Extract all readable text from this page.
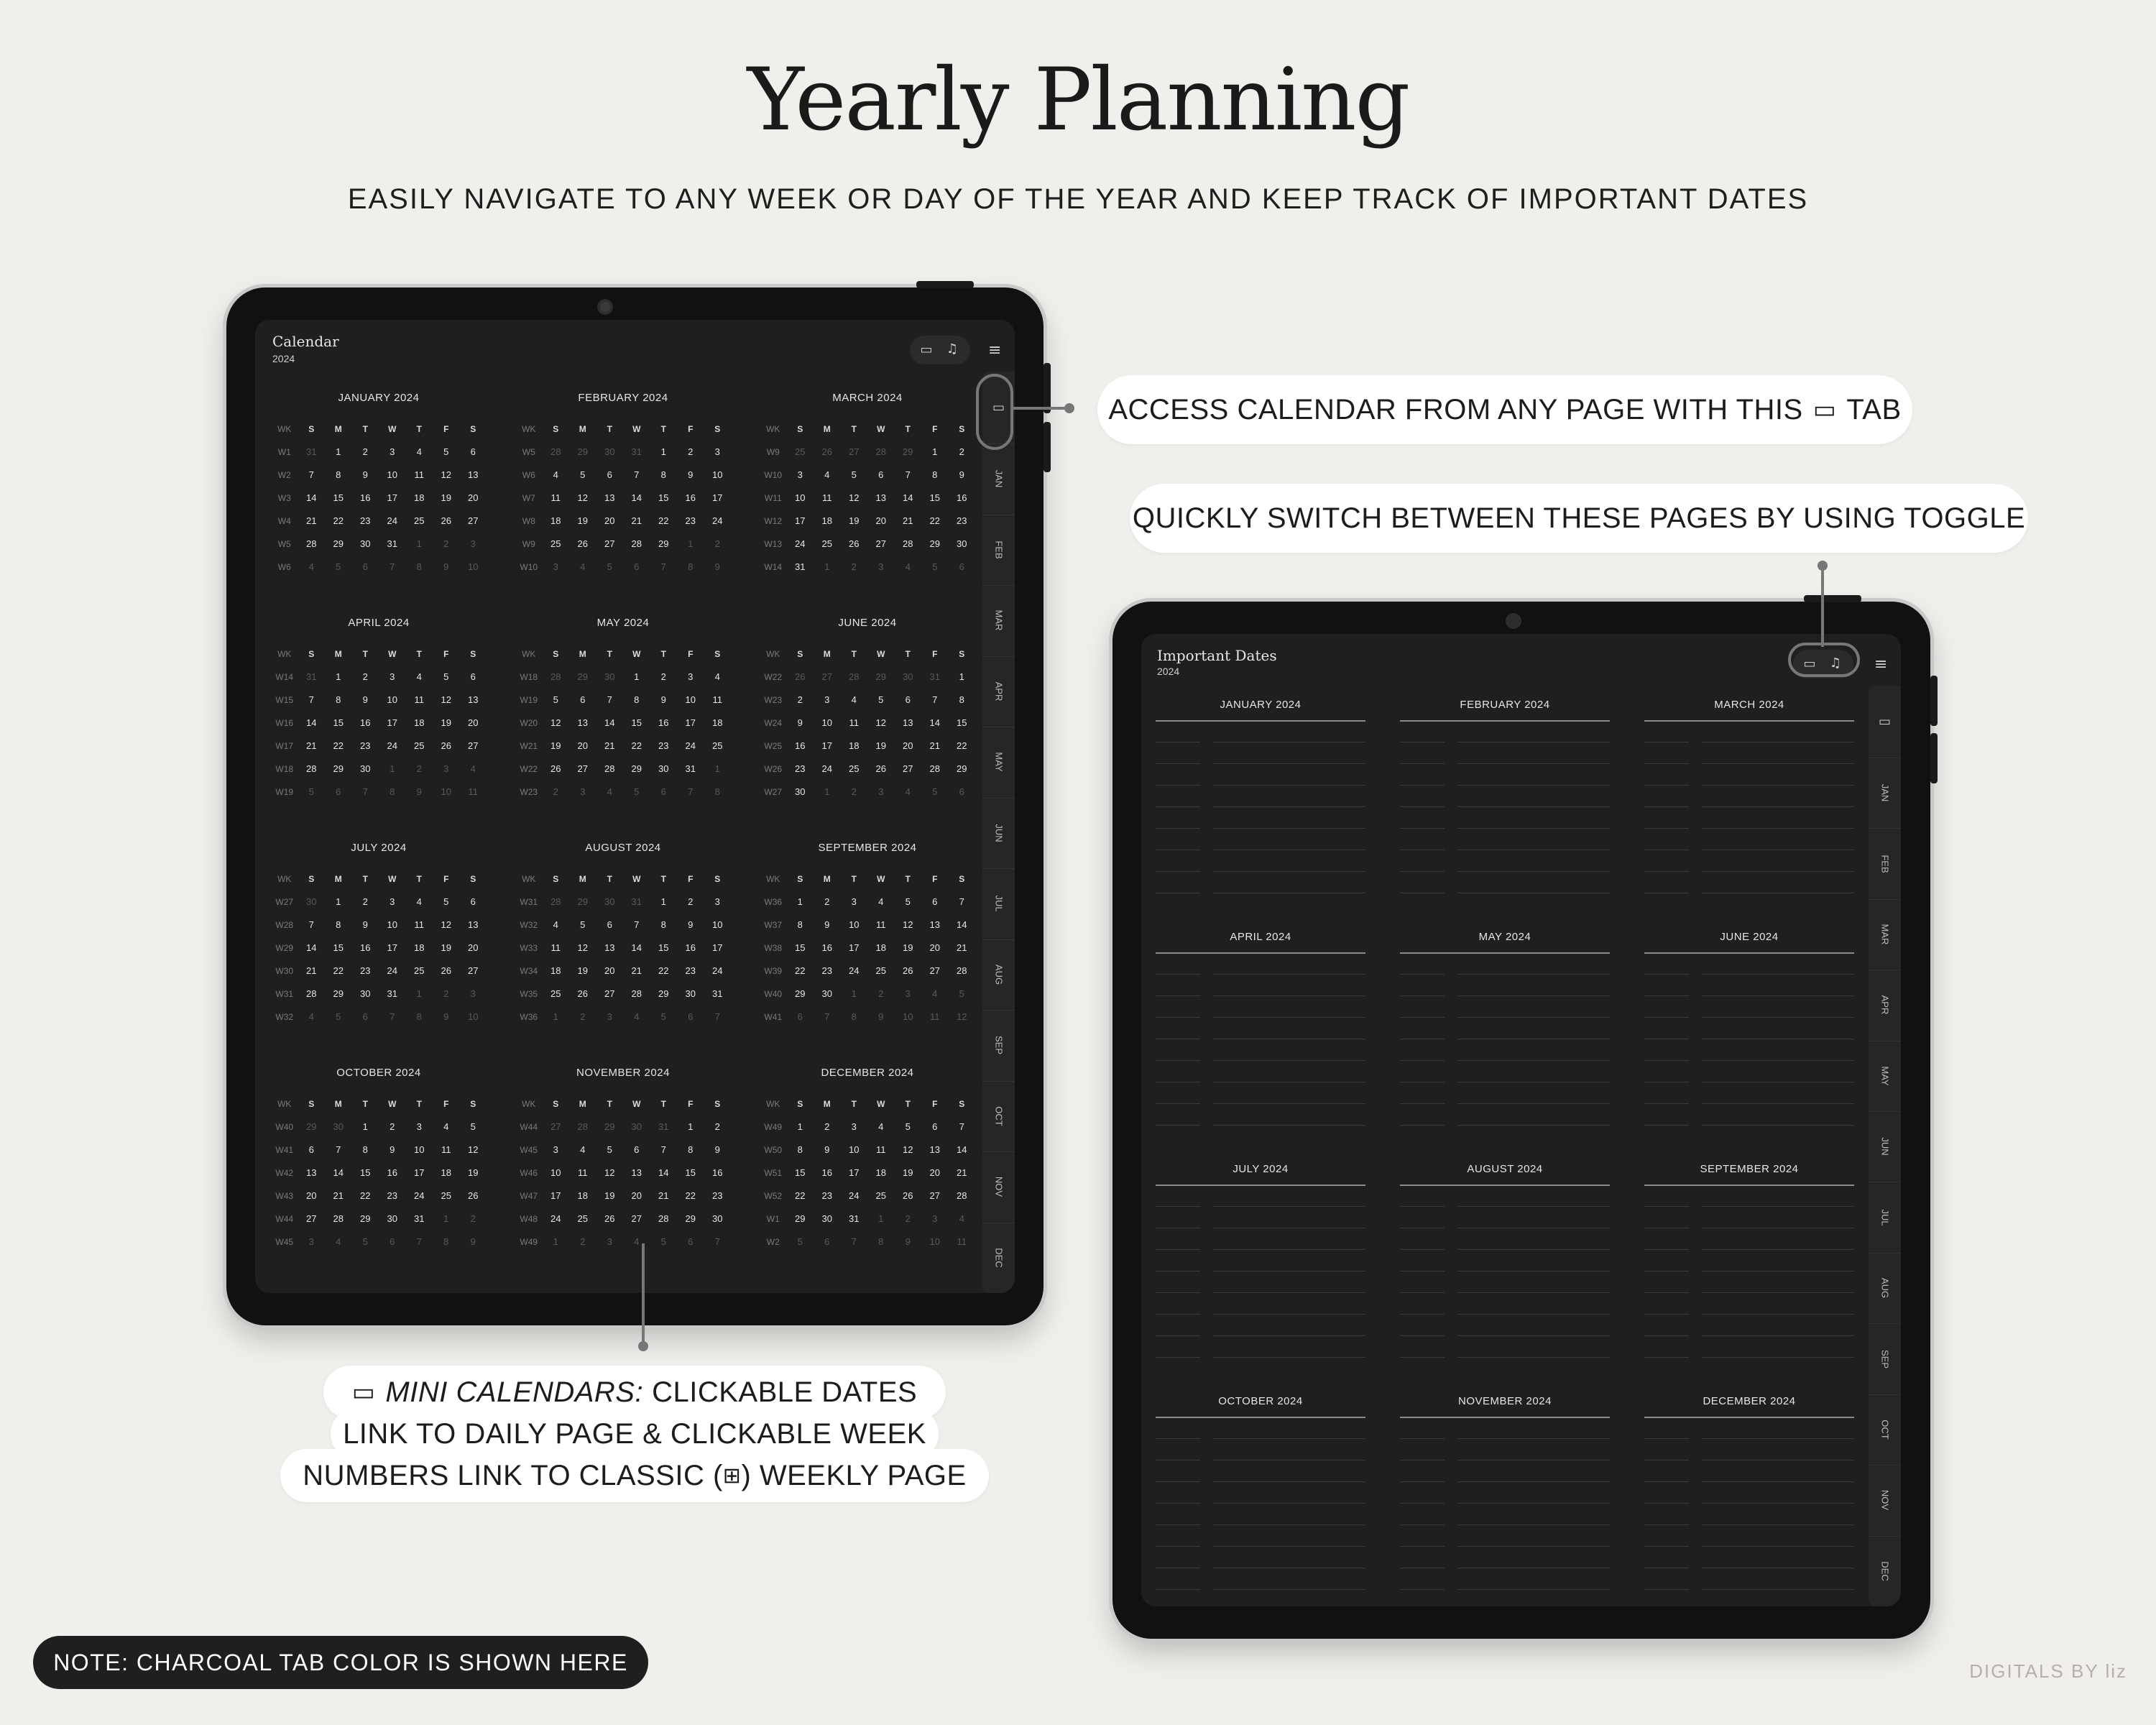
Yearly Planning
EASILY NAVIGATE TO ANY WEEK OR DAY OF THE YEAR AND KEEP TRACK OF IMPORTANT DATES
Calendar
2024
▭	♫	≡
JANUARY 2024
WK	S	M	T	W	T	F	S
W1	31	1	2	3	4	5	6
W2	7	8	9	10	11	12	13
W3	14	15	16	17	18	19	20
W4	21	22	23	24	25	26	27
W5	28	29	30	31	1	2	3
W6	4	5	6	7	8	9	10
FEBRUARY 2024
WK	S	M	T	W	T	F	S
W5	28	29	30	31	1	2	3
W6	4	5	6	7	8	9	10
W7	11	12	13	14	15	16	17
W8	18	19	20	21	22	23	24
W9	25	26	27	28	29	1	2
W10	3	4	5	6	7	8	9
MARCH 2024
WK	S	M	T	W	T	F	S
W9	25	26	27	28	29	1	2
W10	3	4	5	6	7	8	9
W11	10	11	12	13	14	15	16
W12	17	18	19	20	21	22	23
W13	24	25	26	27	28	29	30
W14	31	1	2	3	4	5	6
APRIL 2024
WK	S	M	T	W	T	F	S
W14	31	1	2	3	4	5	6
W15	7	8	9	10	11	12	13
W16	14	15	16	17	18	19	20
W17	21	22	23	24	25	26	27
W18	28	29	30	1	2	3	4
W19	5	6	7	8	9	10	11
MAY 2024
WK	S	M	T	W	T	F	S
W18	28	29	30	1	2	3	4
W19	5	6	7	8	9	10	11
W20	12	13	14	15	16	17	18
W21	19	20	21	22	23	24	25
W22	26	27	28	29	30	31	1
W23	2	3	4	5	6	7	8
JUNE 2024
WK	S	M	T	W	T	F	S
W22	26	27	28	29	30	31	1
W23	2	3	4	5	6	7	8
W24	9	10	11	12	13	14	15
W25	16	17	18	19	20	21	22
W26	23	24	25	26	27	28	29
W27	30	1	2	3	4	5	6
JULY 2024
WK	S	M	T	W	T	F	S
W27	30	1	2	3	4	5	6
W28	7	8	9	10	11	12	13
W29	14	15	16	17	18	19	20
W30	21	22	23	24	25	26	27
W31	28	29	30	31	1	2	3
W32	4	5	6	7	8	9	10
AUGUST 2024
WK	S	M	T	W	T	F	S
W31	28	29	30	31	1	2	3
W32	4	5	6	7	8	9	10
W33	11	12	13	14	15	16	17
W34	18	19	20	21	22	23	24
W35	25	26	27	28	29	30	31
W36	1	2	3	4	5	6	7
SEPTEMBER 2024
WK	S	M	T	W	T	F	S
W36	1	2	3	4	5	6	7
W37	8	9	10	11	12	13	14
W38	15	16	17	18	19	20	21
W39	22	23	24	25	26	27	28
W40	29	30	1	2	3	4	5
W41	6	7	8	9	10	11	12
OCTOBER 2024
WK	S	M	T	W	T	F	S
W40	29	30	1	2	3	4	5
W41	6	7	8	9	10	11	12
W42	13	14	15	16	17	18	19
W43	20	21	22	23	24	25	26
W44	27	28	29	30	31	1	2
W45	3	4	5	6	7	8	9
NOVEMBER 2024
WK	S	M	T	W	T	F	S
W44	27	28	29	30	31	1	2
W45	3	4	5	6	7	8	9
W46	10	11	12	13	14	15	16
W47	17	18	19	20	21	22	23
W48	24	25	26	27	28	29	30
W49	1	2	3	4	5	6	7
DECEMBER 2024
WK	S	M	T	W	T	F	S
W49	1	2	3	4	5	6	7
W50	8	9	10	11	12	13	14
W51	15	16	17	18	19	20	21
W52	22	23	24	25	26	27	28
W1	29	30	31	1	2	3	4
W2	5	6	7	8	9	10	11
▭
JAN
FEB
MAR
APR
MAY
JUN
JUL
AUG
SEP
OCT
NOV
DEC
Important Dates
2024	▭	♫	≡
JANUARY 2024	FEBRUARY 2024	MARCH 2024
APRIL 2024	MAY 2024	JUNE 2024
JULY 2024	AUGUST 2024	SEPTEMBER 2024
OCTOBER 2024	NOVEMBER 2024	DECEMBER 2024
▭
JAN
FEB
MAR
APR
MAY
JUN
JUL
AUG
SEP
OCT
NOV
DEC
ACCESS CALENDAR FROM ANY PAGE WITH THIS ▭ TAB
QUICKLY SWITCH BETWEEN THESE PAGES BY USING TOGGLE
▭ MINI CALENDARS: CLICKABLE DATES
LINK TO DAILY PAGE & CLICKABLE WEEK
NUMBERS LINK TO CLASSIC ( ⊞ ) WEEKLY PAGE
NOTE: CHARCOAL TAB COLOR IS SHOWN HERE	DIGITALS BY liz
